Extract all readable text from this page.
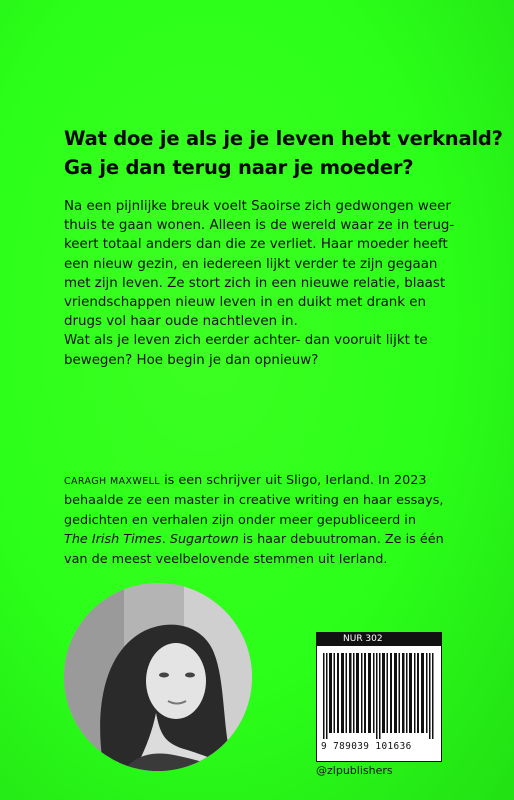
Wat doe je als je je leven hebt verknald?
Ga je dan terug naar je moeder?

Na een pijnlijke breuk voelt Saoirse zich gedwongen weer

thuis te gaan wonen. Alleen is de wereld waar ze in terug-

keert totaal anders dan die ze verliet. Haar moeder heeft

een nieuw gezin, en iedereen lijkt verder te zijn gegaan

met zijn leven. Ze stort zich in een nieuwe relatie, blaast

vriendschappen nieuw leven in en duikt met drank en

drugs vol haar oude nachtleven in.

Wat als je leven zich eerder achter- dan vooruit lijkt te

bewegen? Hoe begin je dan opnieuw?

CARAGH MAXWELL is een schrijver uit Sligo, Ierland. In 2023
behaalde ze een master in creative writing en haar essays,
gedichten en verhalen zijn onder meer gepubliceerd in
The Irish Times. Sugartown is haar debuutroman. Ze is één
van de meest veelbelovende stemmen uit Ierland.
NUR 302
9 789039 101636
@zlpublishers
